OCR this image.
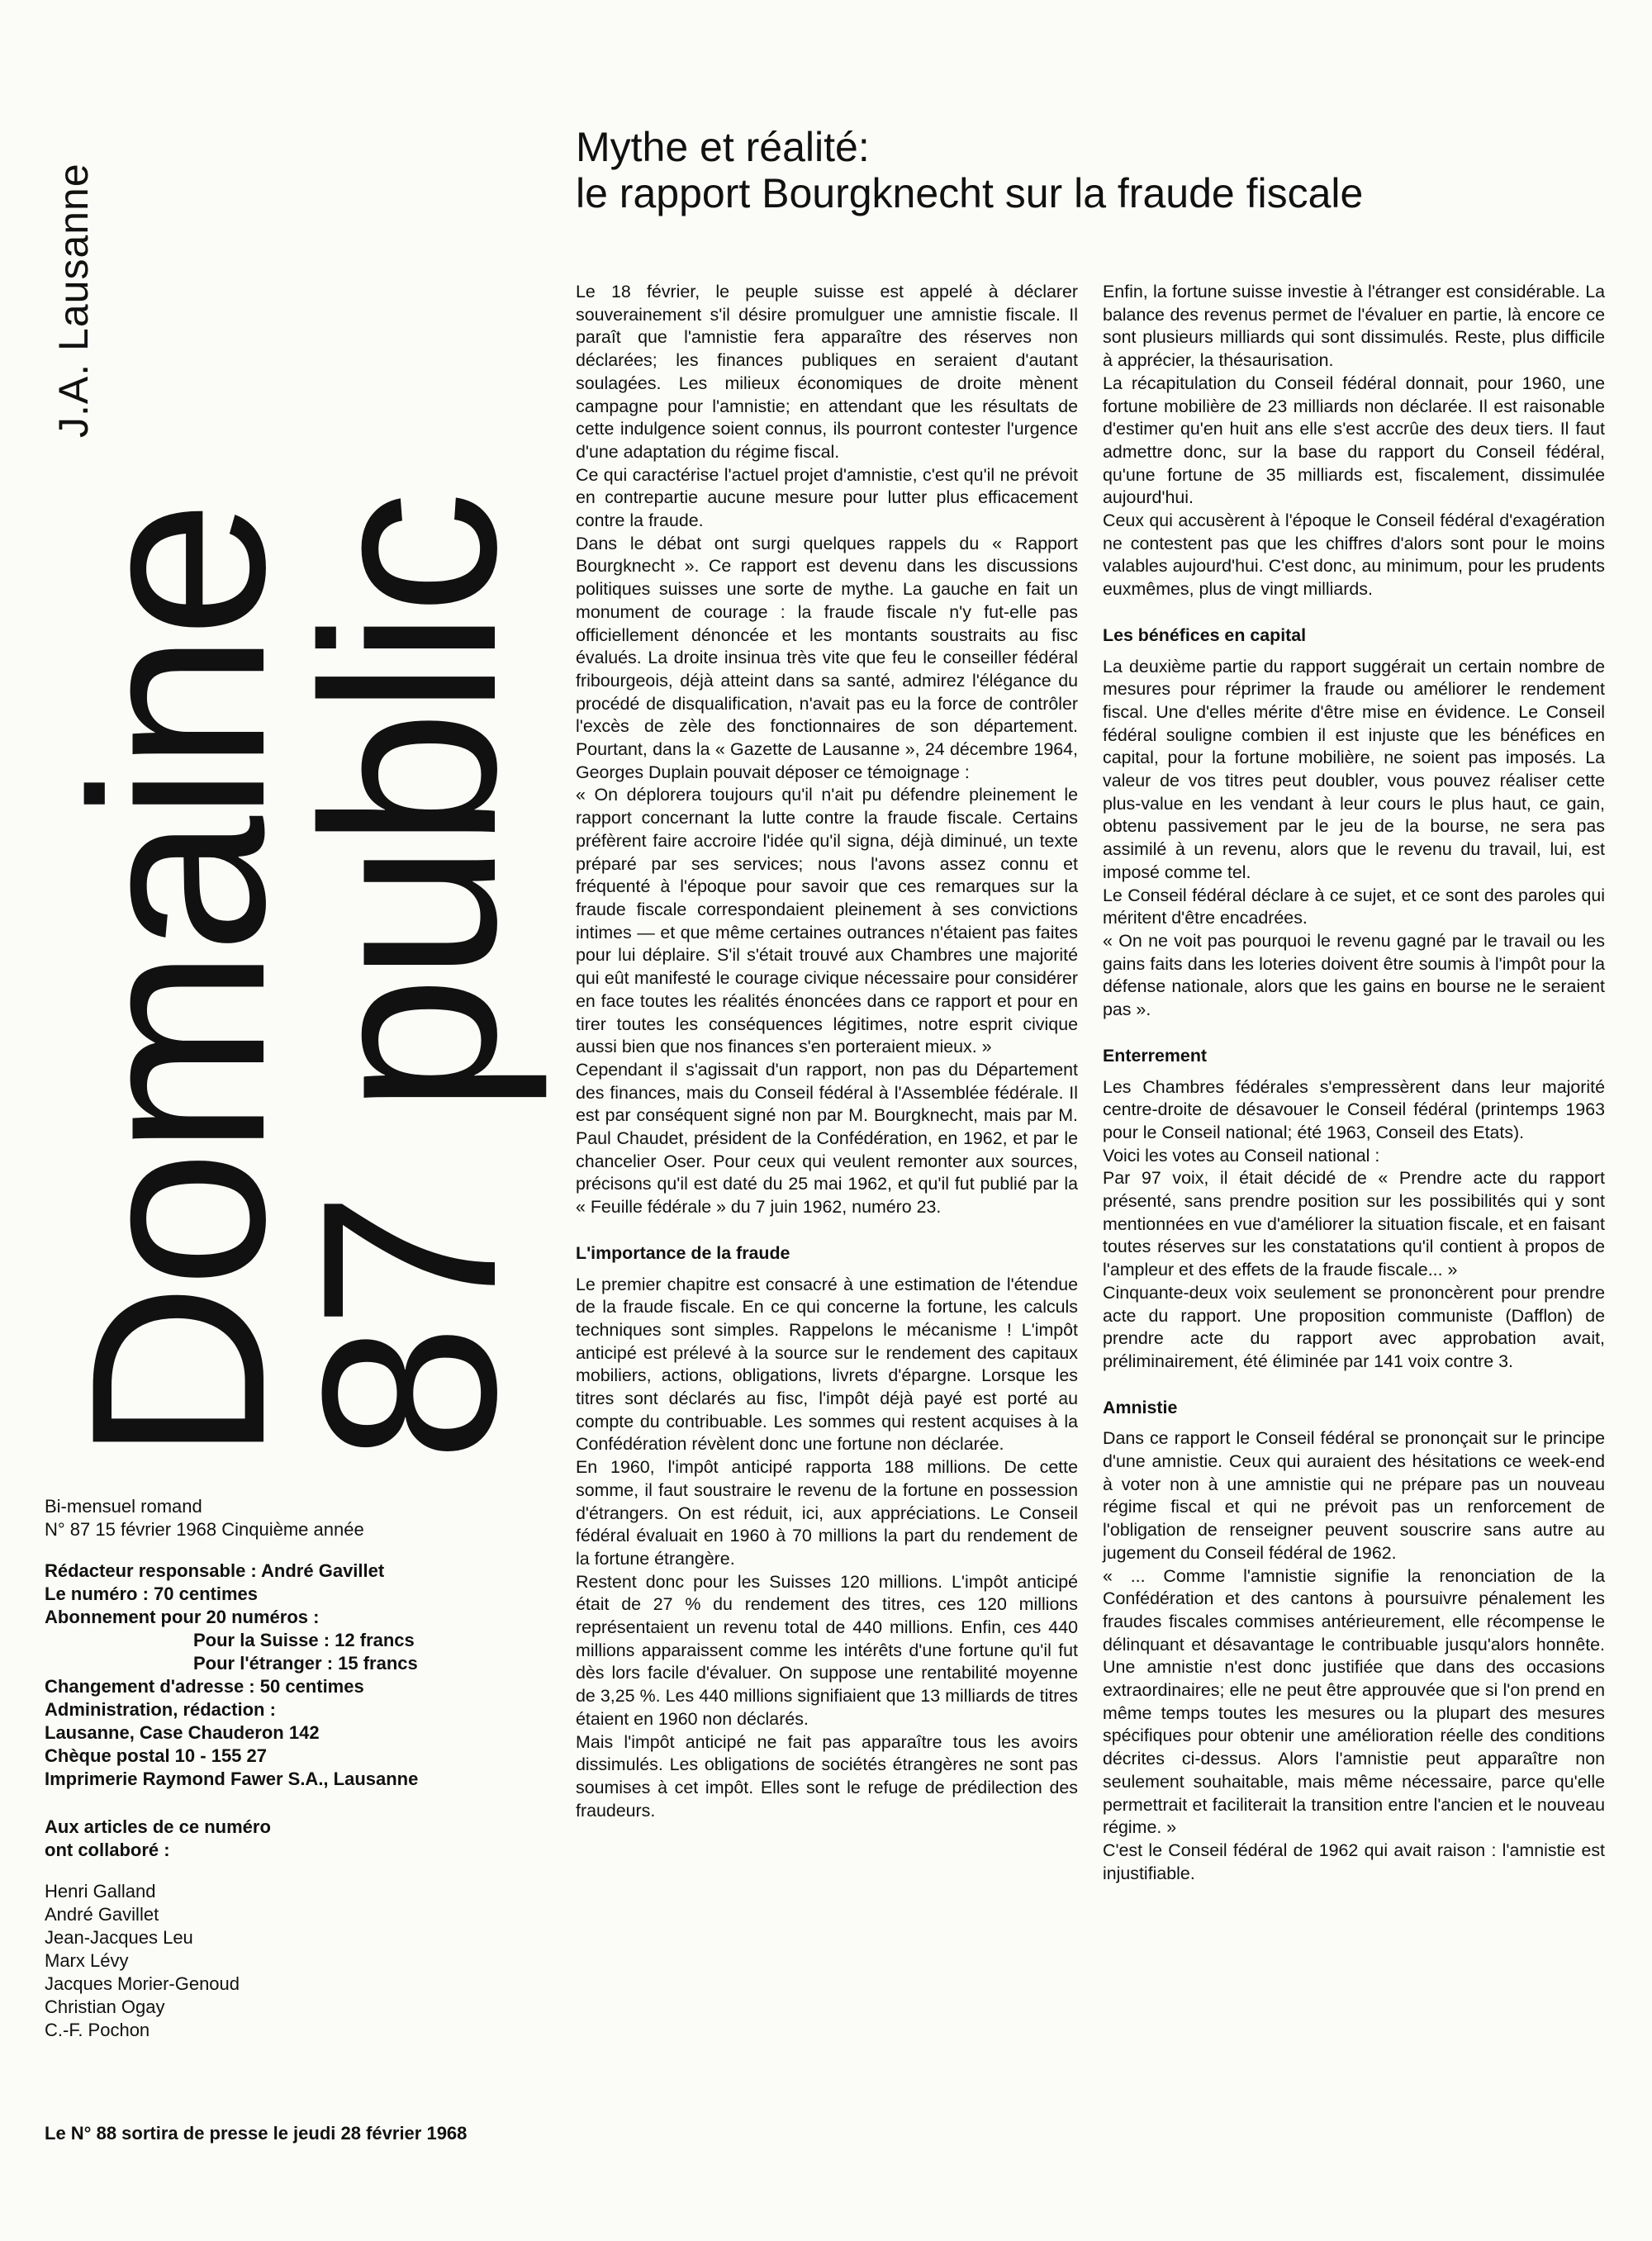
Domaine
J.A. Lausanne
87public
Bi-mensuel romand
N° 87 15 février 1968 Cinquième année
Rédacteur responsable : André Gavillet
Le numéro : 70 centimes
Abonnement pour 20 numéros :
Pour la Suisse : 12 francs
Pour l'étranger : 15 francs
Changement d'adresse : 50 centimes
Administration, rédaction :
Lausanne, Case Chauderon 142
Chèque postal 10 - 155 27
Imprimerie Raymond Fawer S.A., Lausanne
Aux articles de ce numéro
ont collaboré :
Henri Galland
André Gavillet
Jean-Jacques Leu
Marx Lévy
Jacques Morier-Genoud
Christian Ogay
C.-F. Pochon
Le N° 88 sortira de presse le jeudi 28 février 1968
Mythe et réalité:
le rapport Bourgknecht sur la fraude fiscale

Le 18 février, le peuple suisse est appelé à déclarer souverainement s'il désire promulguer une amnistie fiscale. Il paraît que l'amnistie fera apparaître des réserves non déclarées; les finances publiques en seraient d'autant soulagées. Les milieux économiques de droite mènent campagne pour l'amnistie; en attendant que les résultats de cette indulgence soient connus, ils pourront contester l'urgence d'une adaptation du régime fiscal.

Ce qui caractérise l'actuel projet d'amnistie, c'est qu'il ne prévoit en contrepartie aucune mesure pour lutter plus efficacement contre la fraude.

Dans le débat ont surgi quelques rappels du « Rapport Bourgknecht ». Ce rapport est devenu dans les discussions politiques suisses une sorte de mythe. La gauche en fait un monument de courage : la fraude fiscale n'y fut-elle pas officiellement dénoncée et les montants soustraits au fisc évalués. La droite insinua très vite que feu le conseiller fédéral fribourgeois, déjà atteint dans sa santé, admirez l'élégance du procédé de disqualification, n'avait pas eu la force de contrôler l'excès de zèle des fonctionnaires de son département. Pourtant, dans la « Gazette de Lausanne », 24 décembre 1964, Georges Duplain pouvait déposer ce témoignage :

« On déplorera toujours qu'il n'ait pu défendre pleinement le rapport concernant la lutte contre la fraude fiscale. Certains préfèrent faire accroire l'idée qu'il signa, déjà diminué, un texte préparé par ses services; nous l'avons assez connu et fréquenté à l'époque pour savoir que ces remarques sur la fraude fiscale correspondaient pleinement à ses convictions intimes — et que même certaines outrances n'étaient pas faites pour lui déplaire. S'il s'était trouvé aux Chambres une majorité qui eût manifesté le courage civique nécessaire pour considérer en face toutes les réalités énoncées dans ce rapport et pour en tirer toutes les conséquences légitimes, notre esprit civique aussi bien que nos finances s'en porteraient mieux. »

Cependant il s'agissait d'un rapport, non pas du Département des finances, mais du Conseil fédéral à l'Assemblée fédérale. Il est par conséquent signé non par M. Bourgknecht, mais par M. Paul Chaudet, président de la Confédération, en 1962, et par le chancelier Oser. Pour ceux qui veulent remonter aux sources, précisons qu'il est daté du 25 mai 1962, et qu'il fut publié par la « Feuille fédérale » du 7 juin 1962, numéro 23.

L'importance de la fraude

Le premier chapitre est consacré à une estimation de l'étendue de la fraude fiscale. En ce qui concerne la fortune, les calculs techniques sont simples. Rappelons le mécanisme ! L'impôt anticipé est prélevé à la source sur le rendement des capitaux mobiliers, actions, obligations, livrets d'épargne. Lorsque les titres sont déclarés au fisc, l'impôt déjà payé est porté au compte du contribuable. Les sommes qui restent acquises à la Confédération révèlent donc une fortune non déclarée.

En 1960, l'impôt anticipé rapporta 188 millions. De cette somme, il faut soustraire le revenu de la fortune en possession d'étrangers. On est réduit, ici, aux appréciations. Le Conseil fédéral évaluait en 1960 à 70 millions la part du rendement de la fortune étrangère.

Restent donc pour les Suisses 120 millions. L'impôt anticipé était de 27 % du rendement des titres, ces 120 millions représentaient un revenu total de 440 millions. Enfin, ces 440 millions apparaissent comme les intérêts d'une fortune qu'il fut dès lors facile d'évaluer. On suppose une rentabilité moyenne de 3,25 %. Les 440 millions signifiaient que 13 milliards de titres étaient en 1960 non déclarés.

Mais l'impôt anticipé ne fait pas apparaître tous les avoirs dissimulés. Les obligations de sociétés étrangères ne sont pas soumises à cet impôt. Elles sont le refuge de prédilection des fraudeurs.

Enfin, la fortune suisse investie à l'étranger est considérable. La balance des revenus permet de l'évaluer en partie, là encore ce sont plusieurs milliards qui sont dissimulés. Reste, plus difficile à apprécier, la thésaurisation.

La récapitulation du Conseil fédéral donnait, pour 1960, une fortune mobilière de 23 milliards non déclarée. Il est raisonable d'estimer qu'en huit ans elle s'est accrûe des deux tiers. Il faut admettre donc, sur la base du rapport du Conseil fédéral, qu'une fortune de 35 milliards est, fiscalement, dissimulée aujourd'hui.

Ceux qui accusèrent à l'époque le Conseil fédéral d'exagération ne contestent pas que les chiffres d'alors sont pour le moins valables aujourd'hui. C'est donc, au minimum, pour les prudents euxmêmes, plus de vingt milliards.

Les bénéfices en capital

La deuxième partie du rapport suggérait un certain nombre de mesures pour réprimer la fraude ou améliorer le rendement fiscal. Une d'elles mérite d'être mise en évidence. Le Conseil fédéral souligne combien il est injuste que les bénéfices en capital, pour la fortune mobilière, ne soient pas imposés. La valeur de vos titres peut doubler, vous pouvez réaliser cette plus-value en les vendant à leur cours le plus haut, ce gain, obtenu passivement par le jeu de la bourse, ne sera pas assimilé à un revenu, alors que le revenu du travail, lui, est imposé comme tel.

Le Conseil fédéral déclare à ce sujet, et ce sont des paroles qui méritent d'être encadrées.

« On ne voit pas pourquoi le revenu gagné par le travail ou les gains faits dans les loteries doivent être soumis à l'impôt pour la défense nationale, alors que les gains en bourse ne le seraient pas ».

Enterrement

Les Chambres fédérales s'empressèrent dans leur majorité centre-droite de désavouer le Conseil fédéral (printemps 1963 pour le Conseil national; été 1963, Conseil des Etats).

Voici les votes au Conseil national :

Par 97 voix, il était décidé de « Prendre acte du rapport présenté, sans prendre position sur les possibilités qui y sont mentionnées en vue d'améliorer la situation fiscale, et en faisant toutes réserves sur les constatations qu'il contient à propos de l'ampleur et des effets de la fraude fiscale... »

Cinquante-deux voix seulement se prononcèrent pour prendre acte du rapport. Une proposition communiste (Dafflon) de prendre acte du rapport avec approbation avait, préliminairement, été éliminée par 141 voix contre 3.

Amnistie

Dans ce rapport le Conseil fédéral se prononçait sur le principe d'une amnistie. Ceux qui auraient des hésitations ce week-end à voter non à une amnistie qui ne prépare pas un nouveau régime fiscal et qui ne prévoit pas un renforcement de l'obligation de renseigner peuvent souscrire sans autre au jugement du Conseil fédéral de 1962.

« ... Comme l'amnistie signifie la renonciation de la Confédération et des cantons à poursuivre pénalement les fraudes fiscales commises antérieurement, elle récompense le délinquant et désavantage le contribuable jusqu'alors honnête. Une amnistie n'est donc justifiée que dans des occasions extraordinaires; elle ne peut être approuvée que si l'on prend en même temps toutes les mesures ou la plupart des mesures spécifiques pour obtenir une amélioration réelle des conditions décrites ci-dessus. Alors l'amnistie peut apparaître non seulement souhaitable, mais même nécessaire, parce qu'elle permettrait et faciliterait la transition entre l'ancien et le nouveau régime. »

C'est le Conseil fédéral de 1962 qui avait raison : l'amnistie est injustifiable.
